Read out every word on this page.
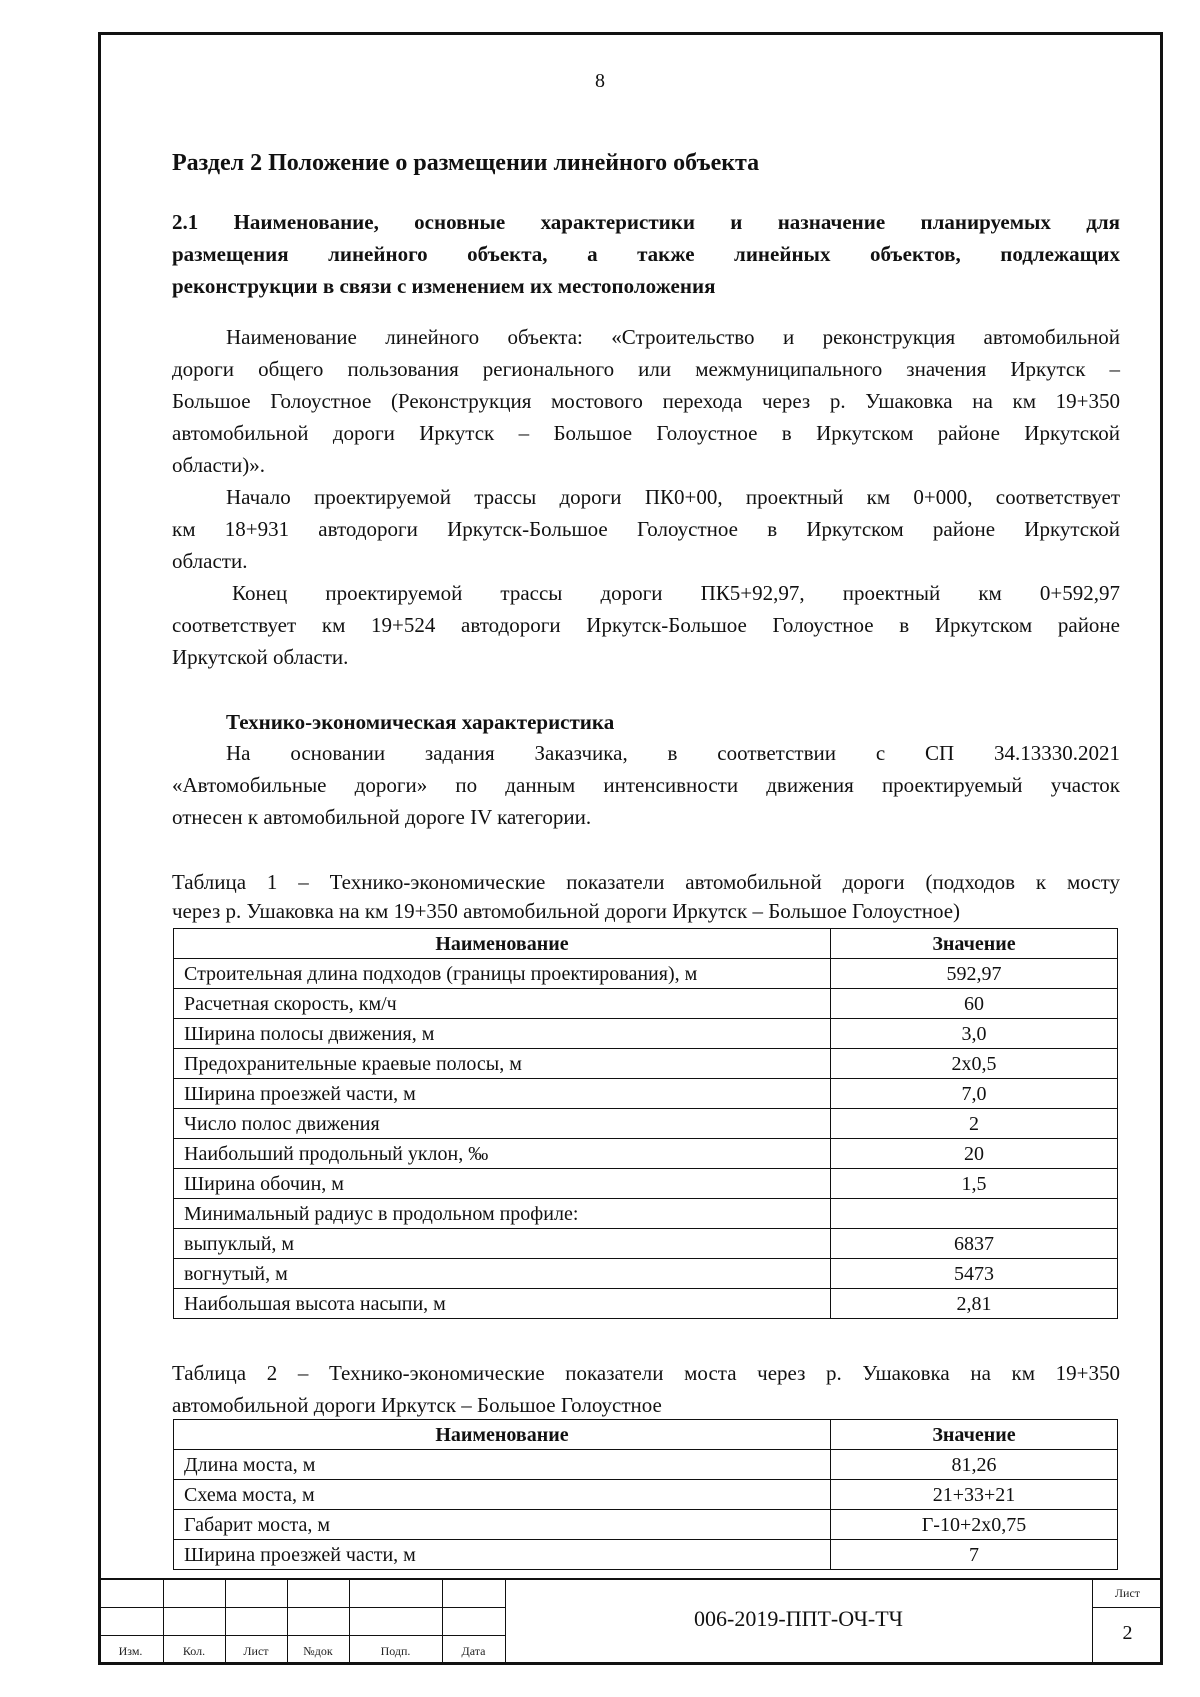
8
Раздел 2 Положение о размещении линейного объекта
2.1 Наименование, основные характеристики и назначение планируемых для
размещения линейного объекта, а также линейных объектов, подлежащих
реконструкции в связи с изменением их местоположения
Наименование линейного объекта: «Строительство и реконструкция автомобильной
дороги общего пользования регионального или межмуниципального значения Иркутск –
Большое Голоустное (Реконструкция мостового перехода через р. Ушаковка на км 19+350
автомобильной дороги Иркутск – Большое Голоустное в Иркутском районе Иркутской
области)».
Начало проектируемой трассы дороги ПК0+00, проектный км 0+000, соответствует
км 18+931 автодороги Иркутск-Большое Голоустное в Иркутском районе Иркутской
области.
Конец проектируемой трассы дороги ПК5+92,97, проектный км 0+592,97
соответствует км 19+524 автодороги Иркутск-Большое Голоустное в Иркутском районе
Иркутской области.
Технико-экономическая характеристика
На основании задания Заказчика, в соответствии с СП 34.13330.2021
«Автомобильные дороги» по данным интенсивности движения проектируемый участок
отнесен к автомобильной дороге IV категории.
Таблица 1 – Технико-экономические показатели автомобильной дороги (подходов к мосту
через р. Ушаковка на км 19+350 автомобильной дороги Иркутск – Большое Голоустное)
Наименование	Значение
Строительная длина подходов (границы проектирования), м	592,97
Расчетная скорость, км/ч	60
Ширина полосы движения, м	3,0
Предохранительные краевые полосы, м	2х0,5
Ширина проезжей части, м	7,0
Число полос движения	2
Наибольший продольный уклон, ‰	20
Ширина обочин, м	1,5
Минимальный радиус в продольном профиле:	
выпуклый, м	6837
вогнутый, м	5473
Наибольшая высота насыпи, м	2,81
Таблица 2 – Технико-экономические показатели моста через р. Ушаковка на км 19+350
автомобильной дороги Иркутск – Большое Голоустное
Наименование	Значение
Длина моста, м	81,26
Схема моста, м	21+33+21
Габарит моста, м	Г-10+2х0,75
Ширина проезжей части, м	7
Изм.	Кол.	Лист	№док	Подп.	Дата
006-2019-ППТ-ОЧ-ТЧ
Лист
2
